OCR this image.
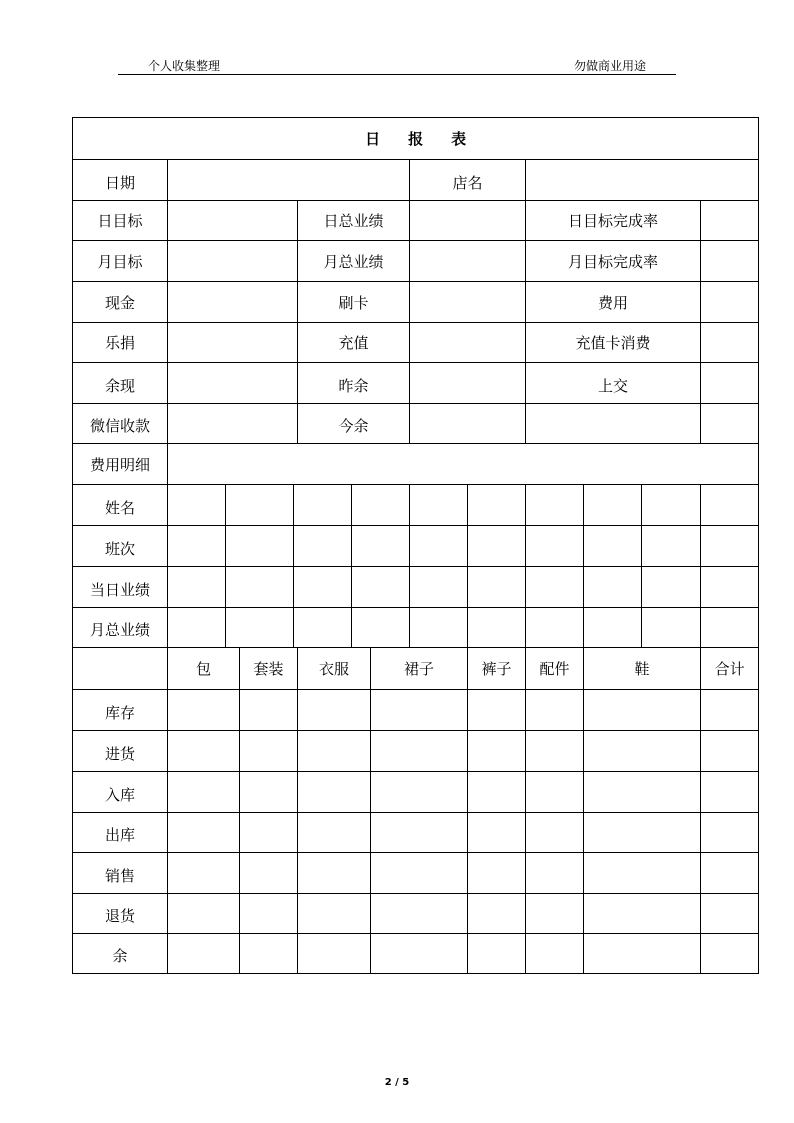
个人收集整理	勿做商业用途
日 报 表													
日期								店名					
日目标					日总业绩					日目标完成率			
月目标					月总业绩					月目标完成率			
现金					刷卡					费用			
乐捐					充值					充值卡消费			
余现					昨余					上交			
微信收款					今余								
费用明细													
姓名													
班次													
当日业绩													
月总业绩													
	包		套装		衣服		裙子		裤子	配件	鞋		合计
库存													
进货													
入库													
出库													
销售													
退货													
余													
2 / 5
